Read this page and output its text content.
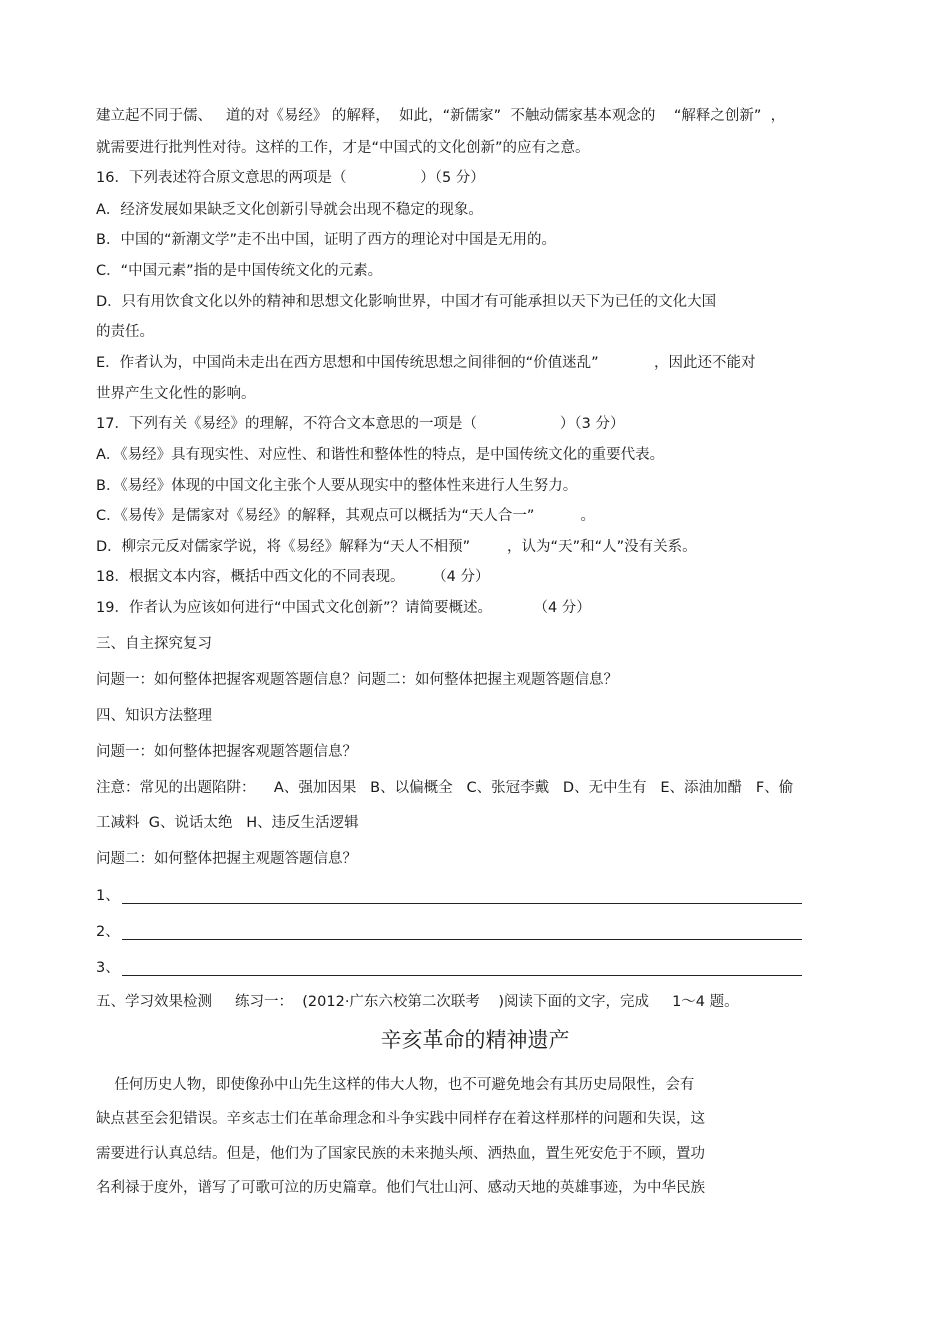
建立起不同于儒、   道的对《易经》 的解释，  如此，“新儒家”  不触动儒家基本观念的    “解释之创新”  ，

就需要进行批判性对待。这样的工作，才是“中国式的文化创新”的应有之意。

16．下列表述符合原文意思的两项是（                ）（5 分）

A．经济发展如果缺乏文化创新引导就会出现不稳定的现象。

B．中国的“新潮文学”走不出中国，证明了西方的理论对中国是无用的。

C．“中国元素”指的是中国传统文化的元素。

D．只有用饮食文化以外的精神和思想文化影响世界，中国才有可能承担以天下为已任的文化大国

的责任。

E．作者认为，中国尚未走出在西方思想和中国传统思想之间徘徊的“价值迷乱”            ，因此还不能对

世界产生文化性的影响。

17．下列有关《易经》的理解，不符合文本意思的一项是（                  ）（3 分）

A．《易经》具有现实性、对应性、和谐性和整体性的特点，是中国传统文化的重要代表。

B．《易经》体现的中国文化主张个人要从现实中的整体性来进行人生努力。

C．《易传》是儒家对《易经》的解释，其观点可以概括为“天人合一”          。

D．柳宗元反对儒家学说，将《易经》解释为“天人不相预”        ，认为“天”和“人”没有关系。

18．根据文本内容，概括中西文化的不同表现。      （4 分）

19．作者认为应该如何进行“中国式文化创新”？请简要概述。         （4 分）

三、自主探究复习

问题一：如何整体把握客观题答题信息？问题二：如何整体把握主观题答题信息？

四、知识方法整理

问题一：如何整体把握客观题答题信息？

注意：常见的出题陷阱：    A、强加因果   B、以偏概全   C、张冠李戴   D、无中生有   E、添油加醋   F、偷

工减料  G、说话太绝   H、违反生活逻辑

问题二：如何整体把握主观题答题信息？

1、
2、
3、

五、学习效果检测     练习一：  (2012·广东六校第二次联考    )阅读下面的文字，完成     1～4 题。

辛亥革命的精神遗产

任何历史人物，即使像孙中山先生这样的伟大人物，也不可避免地会有其历史局限性，会有

缺点甚至会犯错误。辛亥志士们在革命理念和斗争实践中同样存在着这样那样的问题和失误，这

需要进行认真总结。但是，他们为了国家民族的未来抛头颅、洒热血，置生死安危于不顾，置功

名利禄于度外，谱写了可歌可泣的历史篇章。他们气壮山河、感动天地的英雄事迹，为中华民族
